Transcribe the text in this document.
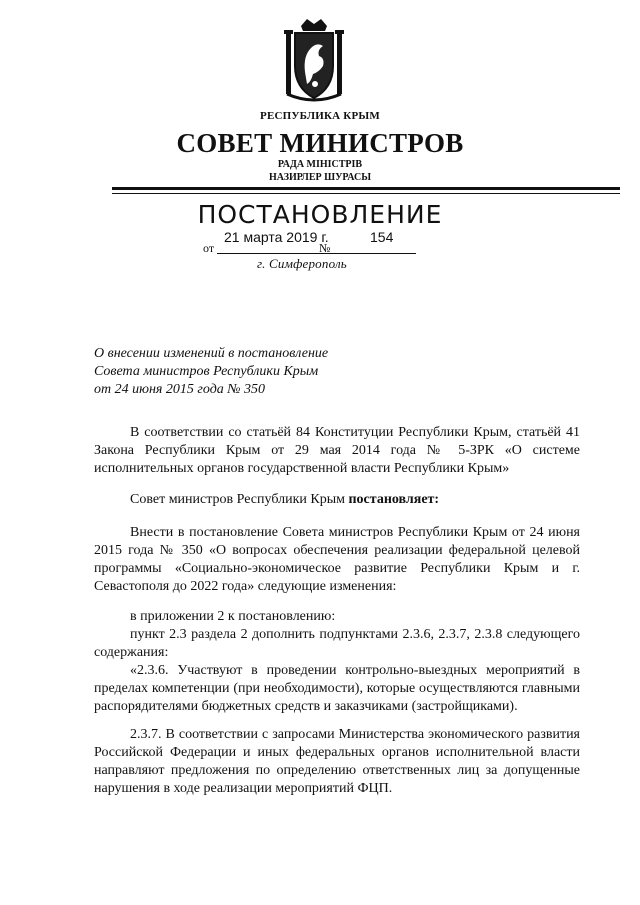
РЕСПУБЛИКА КРЫМ
СОВЕТ МИНИСТРОВ
РАДА МІНІСТРІВ
НАЗИРЛЕР ШУРАСЫ
ПОСТАНОВЛЕНИЕ
21 марта 2019 г.	154
от	№
г. Симферополь
О внесении изменений в постановление
Совета министров Республики Крым
от 24 июня 2015 года № 350
В соответствии со статьёй 84 Конституции Республики Крым, статьёй 41 Закона Республики Крым от 29 мая 2014 года № 5-ЗРК «О системе исполнительных органов государственной власти Республики Крым»
Совет министров Республики Крым постановляет:
Внести в постановление Совета министров Республики Крым от 24 июня 2015 года № 350 «О вопросах обеспечения реализации федеральной целевой программы «Социально-экономическое развитие Республики Крым и г. Севастополя до 2022 года» следующие изменения:
в приложении 2 к постановлению:
пункт 2.3 раздела 2 дополнить подпунктами 2.3.6, 2.3.7, 2.3.8 следующего содержания:
«2.3.6. Участвуют в проведении контрольно-выездных мероприятий в пределах компетенции (при необходимости), которые осуществляются главными распорядителями бюджетных средств и заказчиками (застройщиками).
2.3.7. В соответствии с запросами Министерства экономического развития Российской Федерации и иных федеральных органов исполнительной власти направляют предложения по определению ответственных лиц за допущенные нарушения в ходе реализации мероприятий ФЦП.
